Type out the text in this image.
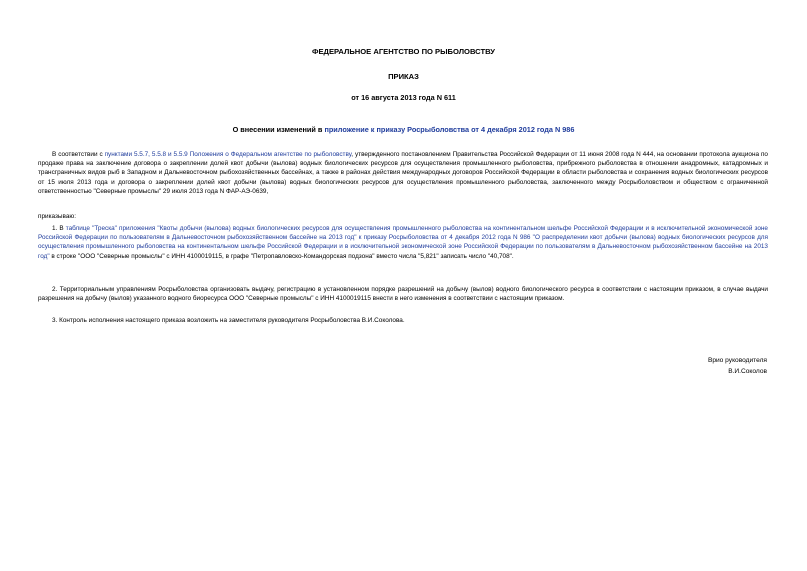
ФЕДЕРАЛЬНОЕ АГЕНТСТВО ПО РЫБОЛОВСТВУ
ПРИКАЗ
от 16 августа 2013 года N 611
О внесении изменений в приложение к приказу Росрыболовства от 4 декабря 2012 года N 986

В соответствии с пунктами 5.5.7, 5.5.8 и 5.5.9 Положения о Федеральном агентстве по рыболовству, утвержденного постановлением Правительства Российской Федерации от 11 июня 2008 года N 444, на основании протокола аукциона по продаже права на заключение договора о закреплении долей квот добычи (вылова) водных биологических ресурсов для осуществления промышленного рыболовства, прибрежного рыболовства в отношении анадромных, катадромных и трансграничных видов рыб в Западном и Дальневосточном рыбохозяйственных бассейнах, а также в районах действия международных договоров Российской Федерации в области рыболовства и сохранения водных биологических ресурсов от 15 июля 2013 года и договора о закреплении долей квот добычи (вылова) водных биологических ресурсов для осуществления промышленного рыболовства, заключенного между Росрыболовством и обществом с ограниченной ответственностью "Северные промыслы" 29 июля 2013 года N ФАР-АЭ-0639,

приказываю:

1. В таблице "Треска" приложения "Квоты добычи (вылова) водных биологических ресурсов для осуществления промышленного рыболовства на континентальном шельфе Российской Федерации и в исключительной экономической зоне Российской Федерации по пользователям в Дальневосточном рыбохозяйственном бассейне на 2013 год" к приказу Росрыболовства от 4 декабря 2012 года N 986 "О распределении квот добычи (вылова) водных биологических ресурсов для осуществления промышленного рыболовства на континентальном шельфе Российской Федерации и в исключительной экономической зоне Российской Федерации по пользователям в Дальневосточном рыбохозяйственном бассейне на 2013 год" в строке "ООО "Северные промыслы" с ИНН 4100019115, в графе "Петропавловско-Командорская подзона" вместо числа "5,821" записать число "40,708".

2. Территориальным управлениям Росрыболовства организовать выдачу, регистрацию в установленном порядке разрешений на добычу (вылов) водного биологического ресурса в соответствии с настоящим приказом, в случае выдачи разрешения на добычу (вылов) указанного водного биоресурса ООО "Северные промыслы" с ИНН 4100019115 внести в него изменения в соответствии с настоящим приказом.

3. Контроль исполнения настоящего приказа возложить на заместителя руководителя Росрыболовства В.И.Соколова.

Врио руководителя
В.И.Соколов
